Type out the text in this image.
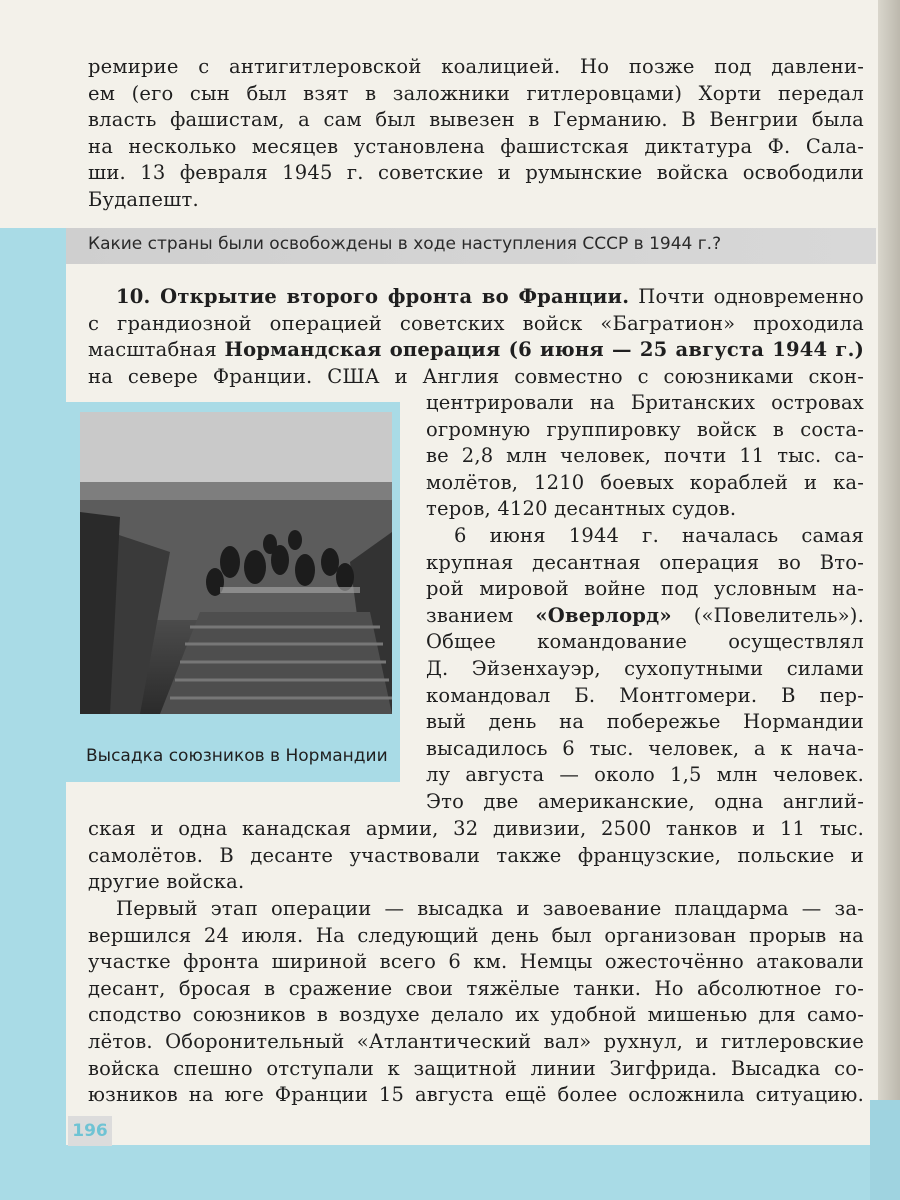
ремирие с антигитлеровской коалицией. Но позже под давлени-
ем (его сын был взят в заложники гитлеровцами) Хорти передал
власть фашистам, а сам был вывезен в Германию. В Венгрии была
на несколько месяцев установлена фашистская диктатура Ф. Сала-
ши. 13 февраля 1945 г. советские и румынские войска освободили
Будапешт.
Какие страны были освобождены в ходе наступления СССР в 1944 г.?
10. Открытие второго фронта во Франции. Почти одновременно
с грандиозной операцией советских войск «Багратион» проходила
масштабная Нормандская операция (6 июня — 25 августа 1944 г.)
на севере Франции. США и Англия совместно с союзниками скон-
Высадка союзников в Нормандии
центрировали на Британских островах
огромную группировку войск в соста-
ве 2,8 млн человек, почти 11 тыс. са-
молётов, 1210 боевых кораблей и ка-
теров, 4120 десантных судов.
6 июня 1944 г. началась самая
крупная десантная операция во Вто-
рой мировой войне под условным на-
званием «Оверлорд» («Повелитель»).
Общее командование осуществлял
Д. Эйзенхауэр, сухопутными силами
командовал Б. Монтгомери. В пер-
вый день на побережье Нормандии
высадилось 6 тыс. человек, а к нача-
лу августа — около 1,5 млн человек.
Это две американские, одна англий-
ская и одна канадская армии, 32 дивизии, 2500 танков и 11 тыс.
самолётов. В десанте участвовали также французские, польские и
другие войска.
Первый этап операции — высадка и завоевание плацдарма — за-
вершился 24 июля. На следующий день был организован прорыв на
участке фронта шириной всего 6 км. Немцы ожесточённо атаковали
десант, бросая в сражение свои тяжёлые танки. Но абсолютное го-
сподство союзников в воздухе делало их удобной мишенью для само-
лётов. Оборонительный «Атлантический вал» рухнул, и гитлеровские
войска спешно отступали к защитной линии Зигфрида. Высадка со-
юзников на юге Франции 15 августа ещё более осложнила ситуацию.
196
